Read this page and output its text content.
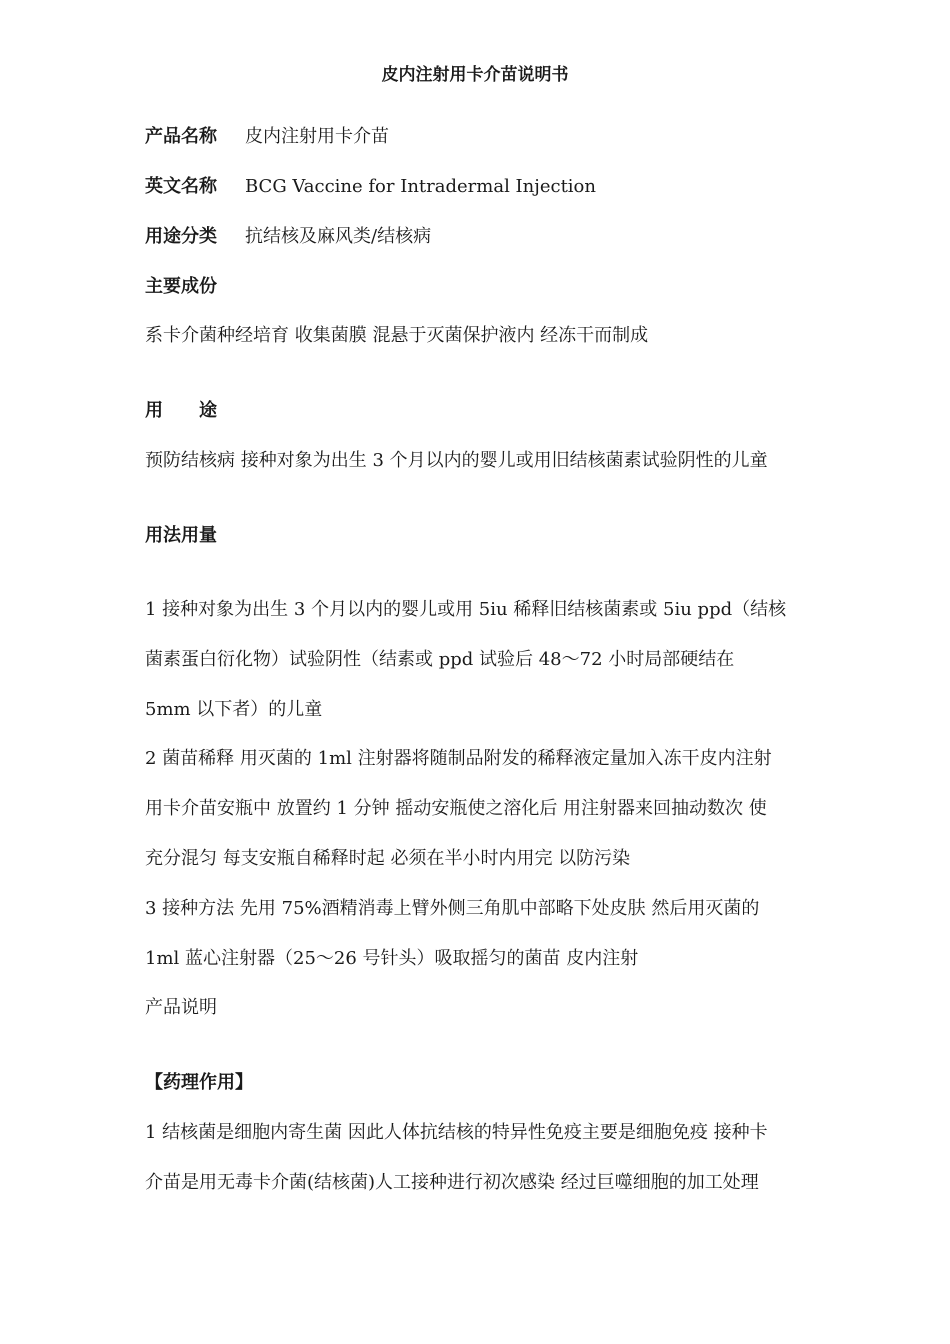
皮内注射用卡介苗说明书
产品名称 皮内注射用卡介苗
英文名称 BCG Vaccine for Intradermal Injection
用途分类 抗结核及麻风类/结核病
主要成份
系卡介菌种经培育 收集菌膜 混悬于灭菌保护液内 经冻干而制成
用 途
预防结核病 接种对象为出生 3 个月以内的婴儿或用旧结核菌素试验阴性的儿童
用法用量
1 接种对象为出生 3 个月以内的婴儿或用 5iu 稀释旧结核菌素或 5iu ppd（结核
菌素蛋白衍化物）试验阴性（结素或 ppd 试验后 48～72 小时局部硬结在
5mm 以下者）的儿童
2 菌苗稀释 用灭菌的 1ml 注射器将随制品附发的稀释液定量加入冻干皮内注射
用卡介苗安瓶中 放置约 1 分钟 摇动安瓶使之溶化后 用注射器来回抽动数次 使
充分混匀 每支安瓶自稀释时起 必须在半小时内用完 以防污染
3 接种方法 先用 75%酒精消毒上臂外侧三角肌中部略下处皮肤 然后用灭菌的
1ml 蓝心注射器（25～26 号针头）吸取摇匀的菌苗 皮内注射
产品说明
【药理作用】
1 结核菌是细胞内寄生菌 因此人体抗结核的特异性免疫主要是细胞免疫 接种卡
介苗是用无毒卡介菌(结核菌)人工接种进行初次感染 经过巨噬细胞的加工处理
